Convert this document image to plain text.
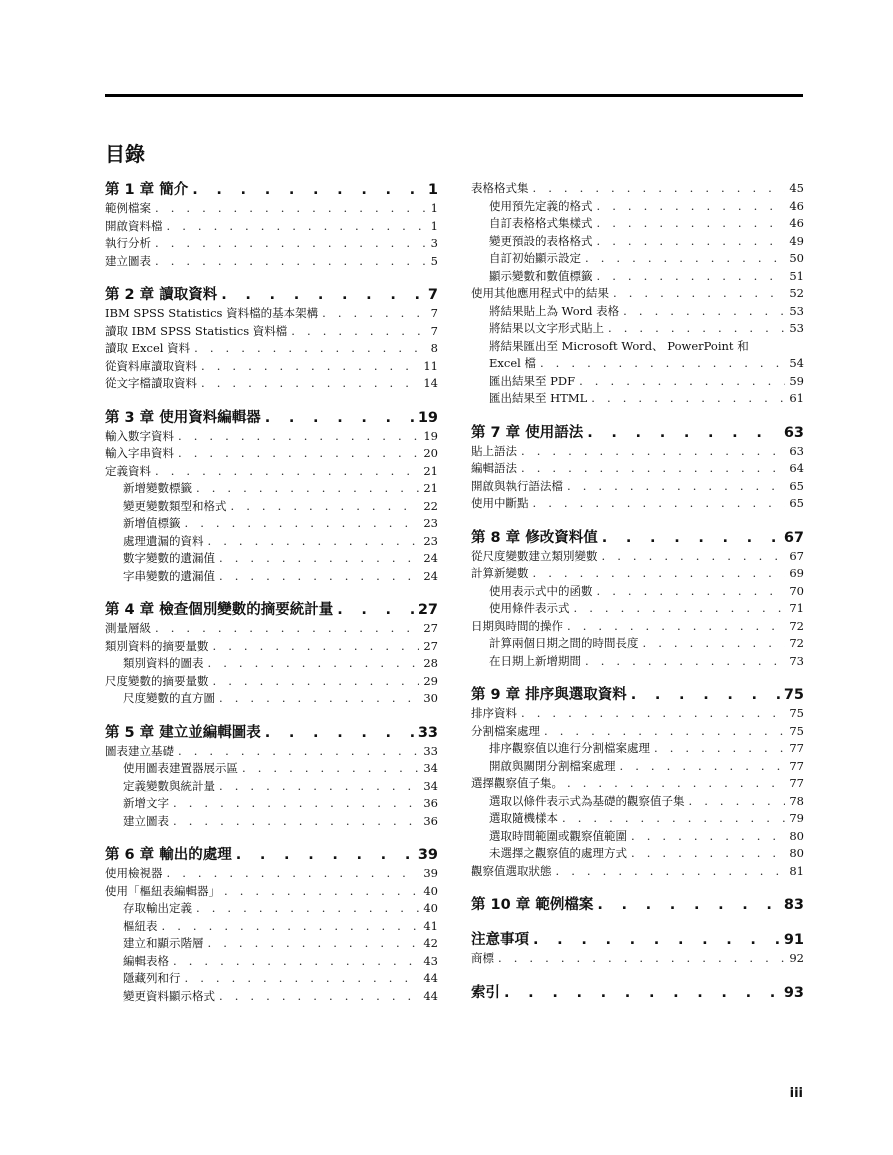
目錄
第 1 章 簡介 . . .	1
範例檔案 . . .	1
開啟資料檔 . . .	1
執行分析 . . .	3
建立圖表 . . .	5
第 2 章 讀取資料 . . .	7
IBM SPSS Statistics 資料檔的基本架構 . . .	7
讀取 IBM SPSS Statistics 資料檔 . . .	7
讀取 Excel 資料 . . .	8
從資料庫讀取資料 . . .	11
從文字檔讀取資料 . . .	14
第 3 章 使用資料編輯器 . . .	19
輸入數字資料 . . .	19
輸入字串資料 . . .	20
定義資料 . . .	21
新增變數標籤 . . .	21
變更變數類型和格式 . . .	22
新增值標籤 . . .	23
處理遺漏的資料 . . .	23
數字變數的遺漏值 . . .	24
字串變數的遺漏值 . . .	24
第 4 章 檢查個別變數的摘要統計量 . . .	27
測量層級 . . .	27
類別資料的摘要量數 . . .	27
類別資料的圖表 . . .	28
尺度變數的摘要量數 . . .	29
尺度變數的直方圖 . . .	30
第 5 章 建立並編輯圖表 . . .	33
圖表建立基礎 . . .	33
使用圖表建置器展示區 . . .	34
定義變數與統計量 . . .	34
新增文字 . . .	36
建立圖表 . . .	36
第 6 章 輸出的處理 . . .	39
使用檢視器 . . .	39
使用「樞紐表編輯器」 . . .	40
存取輸出定義 . . .	40
樞紐表 . . .	41
建立和顯示階層 . . .	42
編輯表格 . . .	43
隱藏列和行 . . .	44
變更資料顯示格式 . . .	44
表格格式集 . . .	45
使用預先定義的格式 . . .	46
自訂表格格式集樣式 . . .	46
變更預設的表格格式 . . .	49
自訂初始顯示設定 . . .	50
顯示變數和數值標籤 . . .	51
使用其他應用程式中的結果 . . .	52
將結果貼上為 Word 表格 . . .	53
將結果以文字形式貼上 . . .	53
將結果匯出至 Microsoft Word、 PowerPoint 和
Excel 檔 . . .	54
匯出結果至 PDF . . .	59
匯出結果至 HTML . . .	61
第 7 章 使用語法 . . .	63
貼上語法 . . .	63
編輯語法 . . .	64
開啟與執行語法檔 . . .	65
使用中斷點 . . .	65
第 8 章 修改資料值 . . .	67
從尺度變數建立類別變數 . . .	67
計算新變數 . . .	69
使用表示式中的函數 . . .	70
使用條件表示式 . . .	71
日期與時間的操作 . . .	72
計算兩個日期之間的時間長度 . . .	72
在日期上新增期間 . . .	73
第 9 章 排序與選取資料 . . .	75
排序資料 . . .	75
分割檔案處理 . . .	75
排序觀察值以進行分割檔案處理 . . .	77
開啟與關閉分割檔案處理 . . .	77
選擇觀察值子集。 . . .	77
選取以條件表示式為基礎的觀察值子集 . . .	78
選取隨機樣本 . . .	79
選取時間範圍或觀察值範圍 . . .	80
未選擇之觀察值的處理方式 . . .	80
觀察值選取狀態 . . .	81
第 10 章 範例檔案 . . .	83
注意事項 . . .	91
商標 . . .	92
索引 . . .	93
iii
